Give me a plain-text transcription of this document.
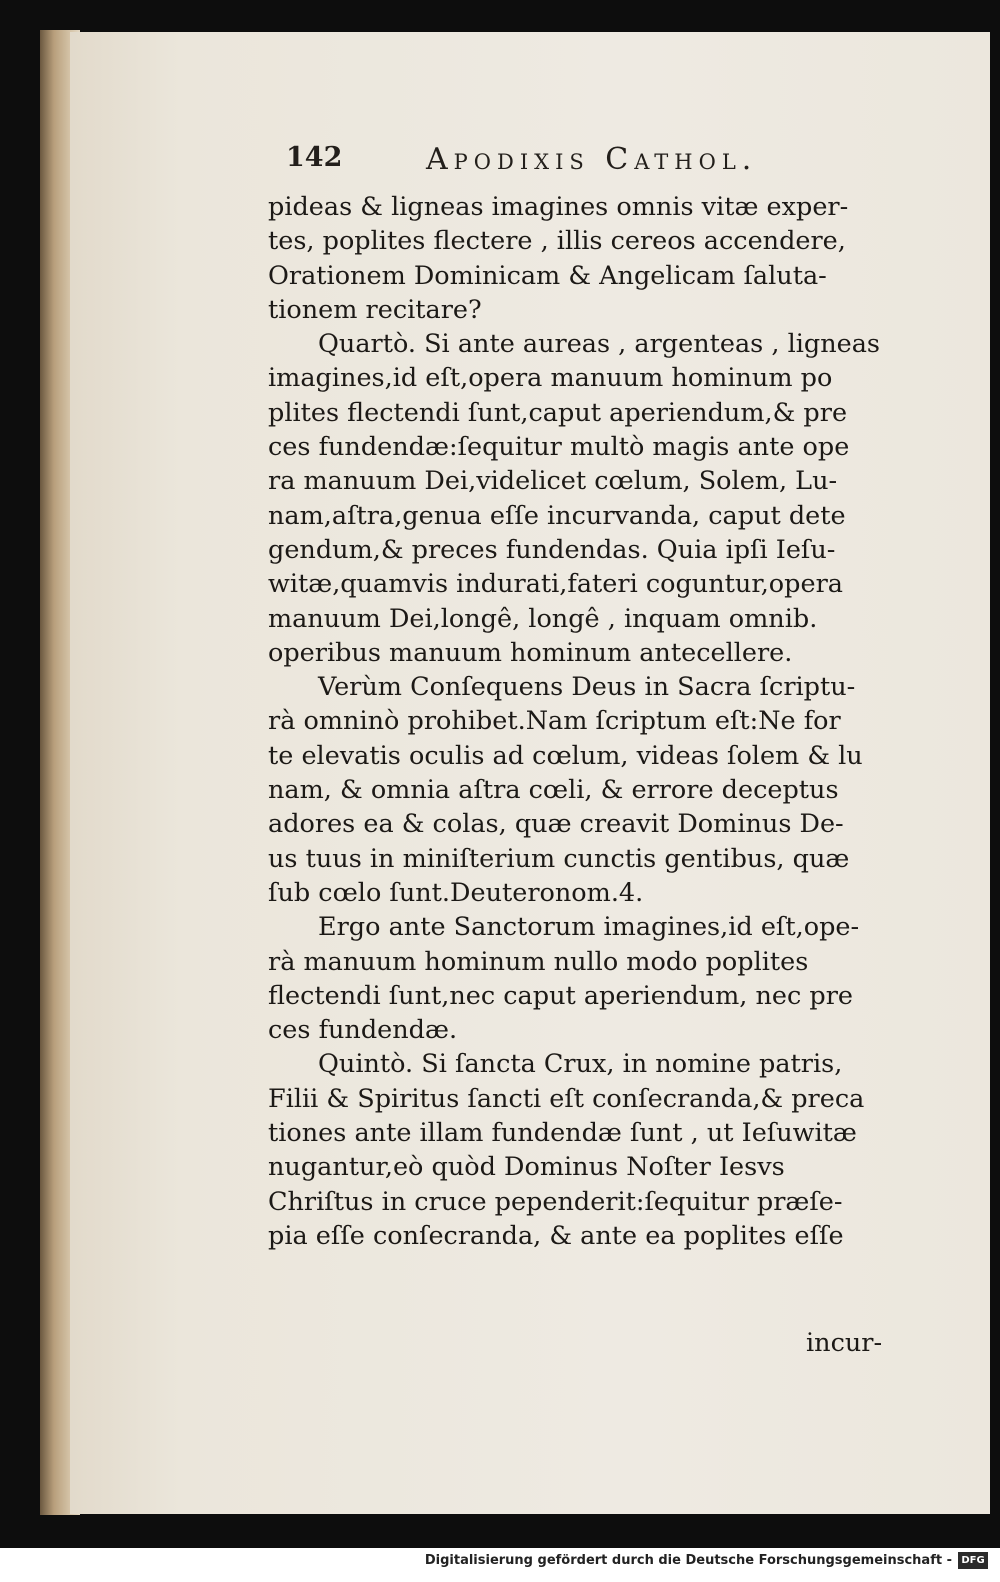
142	Apodixis Cathol.
pideas & ligneas imagines omnis vitæ exper-
tes, poplites flectere , illis cereos accendere,
Orationem Dominicam & Angelicam ſaluta-
tionem recitare?
Quartò. Si ante aureas , argenteas , ligneas
imagines,id eſt,opera manuum hominum po
plites flectendi ſunt,caput aperiendum,& pre
ces fundendæ:ſequitur multò magis ante ope
ra manuum Dei,videlicet cœlum, Solem, Lu-
nam,aſtra,genua eſſe incurvanda, caput dete
gendum,& preces fundendas. Quia ipſi Ieſu-
witæ,quamvis indurati,fateri coguntur,opera
manuum Dei,longê, longê , inquam omnib.
operibus manuum hominum antecellere.
Verùm Conſequens Deus in Sacra ſcriptu-
rà omninò prohibet.Nam ſcriptum eſt:Ne for
te elevatis oculis ad cœlum, videas ſolem & lu
nam, & omnia aſtra cœli, & errore deceptus
adores ea & colas, quæ creavit Dominus De-
us tuus in miniſterium cunctis gentibus, quæ
ſub cœlo ſunt.Deuteronom.4.
Ergo ante Sanctorum imagines,id eſt,ope-
rà manuum hominum nullo modo poplites
flectendi ſunt,nec caput aperiendum, nec pre
ces fundendæ.
Quintò. Si ſancta Crux, in nomine patris,
Filii & Spiritus ſancti eſt conſecranda,& preca
tiones ante illam fundendæ ſunt , ut Ieſuwitæ
nugantur,eò quòd Dominus Noſter Iesvs
Chriſtus in cruce pependerit:ſequitur præſe-
pia eſſe conſecranda, & ante ea poplites eſſe
incur-
Digitalisierung gefördert durch die Deutsche Forschungsgemeinschaft - DFG
